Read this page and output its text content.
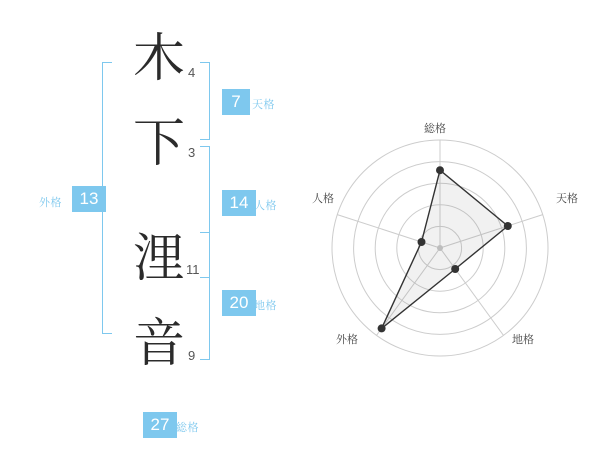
外格	13
木 4
下 3
浬 11
音 9
7	天格
14 人格
20 地格
27 総格
総格
天格
地格
外格
人格
